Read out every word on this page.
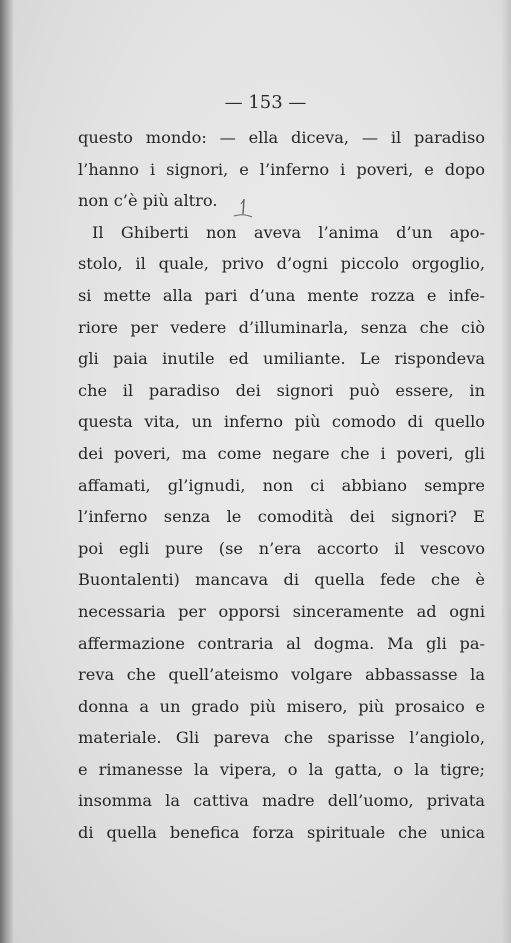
— 153 —
questo mondo: — ella diceva, — il paradiso
l’hanno i signori, e l’inferno i poveri, e dopo
non c’è più altro.
Il Ghiberti non aveva l’anima d’un apo-
stolo, il quale, privo d’ogni piccolo orgoglio,
si mette alla pari d’una mente rozza e infe-
riore per vedere d’illuminarla, senza che ciò
gli paia inutile ed umiliante. Le rispondeva
che il paradiso dei signori può essere, in
questa vita, un inferno più comodo di quello
dei poveri, ma come negare che i poveri, gli
affamati, gl’ignudi, non ci abbiano sempre
l’inferno senza le comodità dei signori? E
poi egli pure (se n’era accorto il vescovo
Buontalenti) mancava di quella fede che è
necessaria per opporsi sinceramente ad ogni
affermazione contraria al dogma. Ma gli pa-
reva che quell’ateismo volgare abbassasse la
donna a un grado più misero, più prosaico e
materiale. Gli pareva che sparisse l’angiolo,
e rimanesse la vipera, o la gatta, o la tigre;
insomma la cattiva madre dell’uomo, privata
di quella benefica forza spirituale che unica
